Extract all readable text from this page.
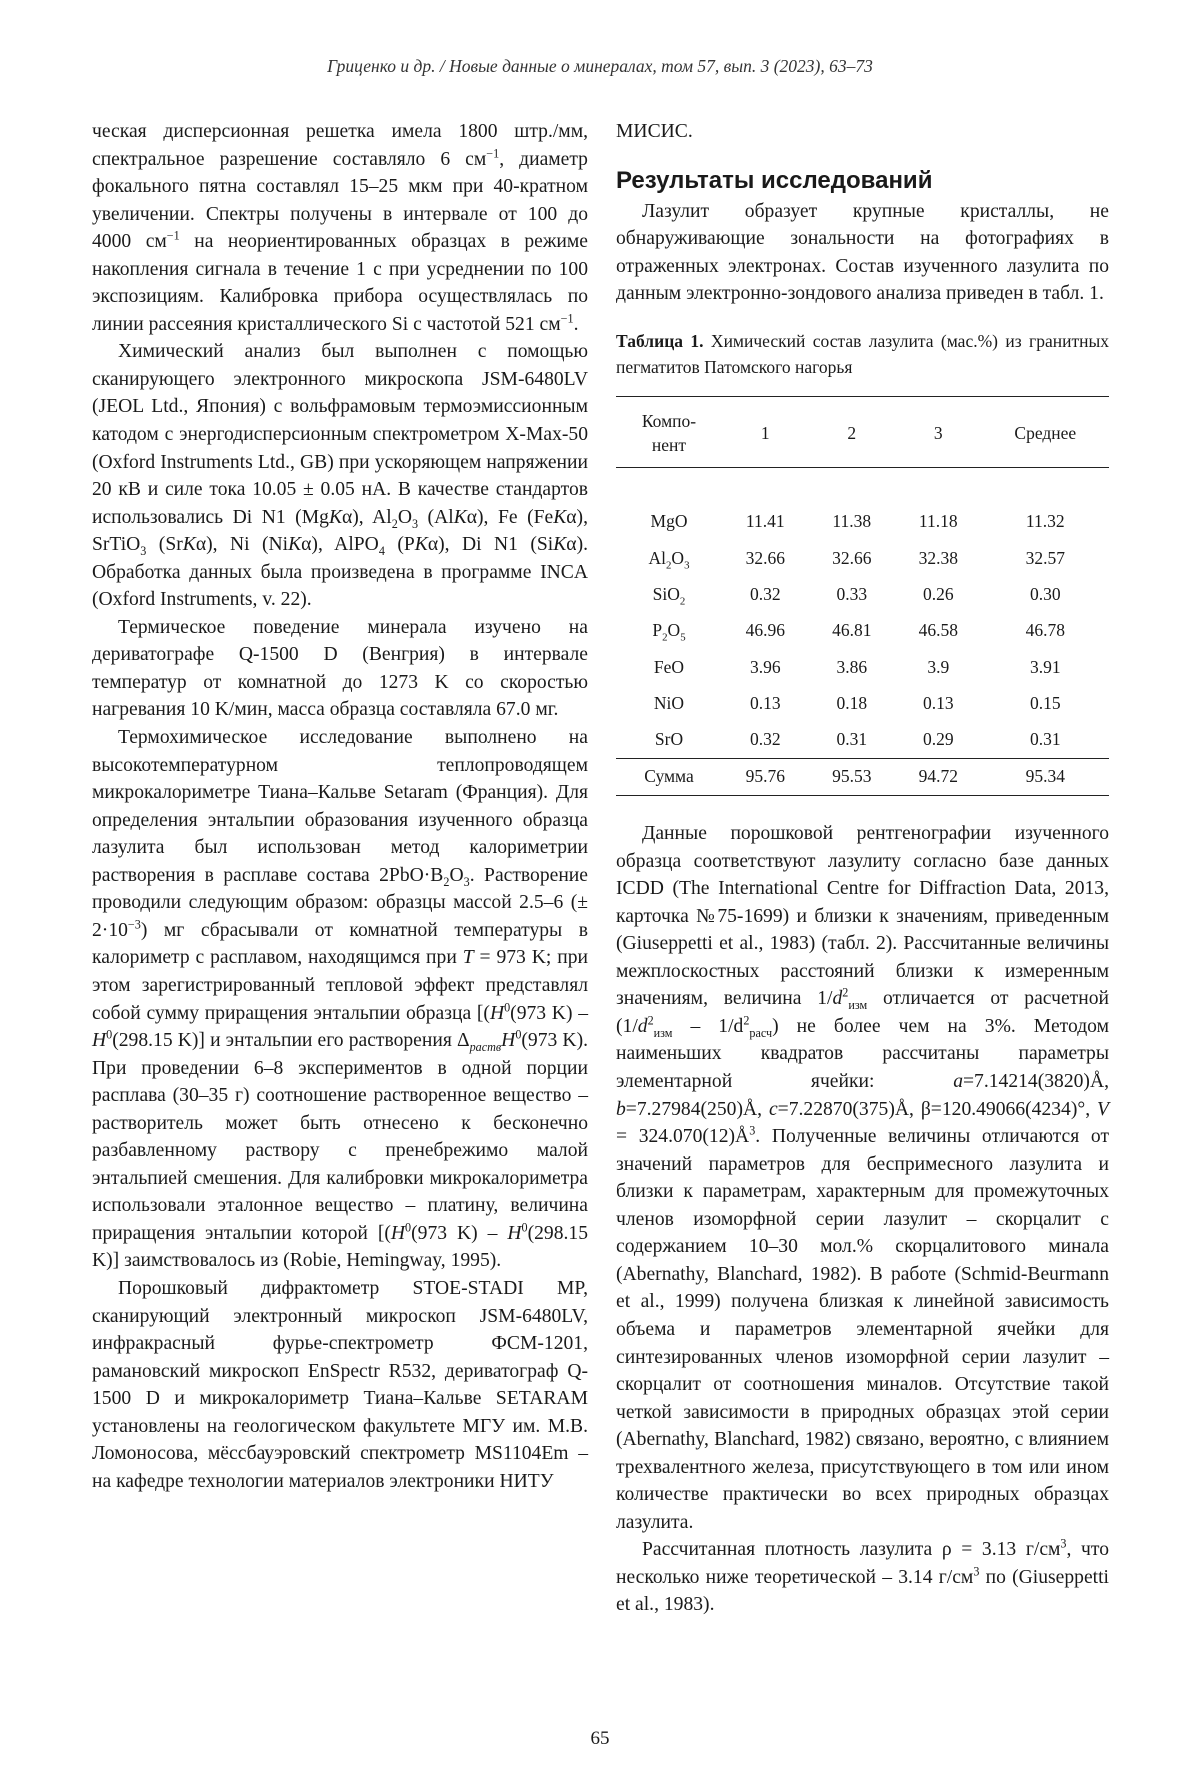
Гриценко и др. / Новые данные о минералах, том 57, вып. 3 (2023), 63–73

ческая дисперсионная решетка имела 1800 штр./мм, спектральное разрешение составляло 6 $см^{-1}$, диаметр фокального пятна составлял 15–25 мкм при 40-кратном увеличении. Спектры получены в интервале от 100 до 4000 $см^{-1}$ на неориентированных образцах в режиме накопления сигнала в течение 1 с при усреднении по 100 экспозициям. Калибровка прибора осуществлялась по линии рассеяния кристаллического Si с частотой 521 $см^{-1}$.

Химический анализ был выполнен с помощью сканирующего электронного микроскопа JSM-6480LV (JEOL Ltd., Япония) с вольфрамовым термоэмиссионным катодом с энергодисперсионным спектрометром X-Max-50 (Oxford Instruments Ltd., GB) при ускоряющем напряжении 20 кВ и силе тока 10.05 ± 0.05 нА. В качестве стандартов использовались Di N1 (MgKα), $Al_2O_3$ (AlKα), Fe (FeKα), SrTiO$_3$ (SrKα), Ni (NiKα), AlPO$_4$ (PKα), Di N1 (SiKα). Обработка данных была произведена в программе INCA (Oxford Instruments, v. 22).

Термическое поведение минерала изучено на дериватографе Q-1500 D (Венгрия) в интервале температур от комнатной до 1273 K со скоростью нагревания 10 K/мин, масса образца составляла 67.0 мг.

Термохимическое исследование выполнено на высокотемпературном теплопроводящем микрокалориметре Тиана–Кальве Setaram (Франция). Для определения энтальпии образования изученного образца лазулита был использован метод калориметрии растворения в расплаве состава $2PbO\cdot B_2O_3$. Растворение проводили следующим образом: образцы массой 2.5–6 (± $2\cdot 10^{-3}$) мг сбрасывали от комнатной температуры в калориметр с расплавом, находящимся при T = 973 K; при этом зарегистрированный тепловой эффект представлял собой сумму приращения энтальпии образца [($H^0(973$ $K) - H^0(298.15$ K)] и энтальпии его растворения $\Delta_{раств}H^0(973$ K). При проведении 6–8 экспериментов в одной порции расплава (30–35 г) соотношение растворенное вещество – растворитель может быть отнесено к бесконечно разбавленному раствору с пренебрежимо малой энтальпией смешения. Для калибровки микрокалориметра использовали эталонное вещество – платину, величина приращения энтальпии которой [($H^0(973$ $K) - H^0(298.15$ K)] заимствовалось из (Robie, Hemingway, 1995).

Порошковый дифрактометр STOE-STADI MP, сканирующий электронный микроскоп JSM-6480LV, инфракрасный фурье-спектрометр ФСМ-1201, рамановский микроскоп EnSpectr R532, дериватограф Q-1500 D и микрокалориметр Тиана–Кальве SETARAM установлены на геологическом факультете МГУ им. М.В. Ломоносова, мёссбауэровский спектрометр MS1104Em – на кафедре технологии материалов электроники НИТУ

МИСИС.

Результаты исследований

Лазулит образует крупные кристаллы, не обнаруживающие зональности на фотографиях в отраженных электронах. Состав изученного лазулита по данным электронно-зондового анализа приведен в табл. 1.

Таблица 1. Химический состав лазулита (мас.%) из гранитных пегматитов Патомского нагорья
Компо-
нент	1	2	3	Среднее

MgO	11.41	11.38	11.18	11.32
$Al_2O_3$	32.66	32.66	32.38	32.57
SiO$_2$	0.32	0.33	0.26	0.30
$P_2O_5$	46.96	46.81	46.58	46.78
FeO	3.96	3.86	3.9	3.91
NiO	0.13	0.18	0.13	0.15
SrO	0.32	0.31	0.29	0.31
Сумма	95.76	95.53	94.72	95.34

Данные порошковой рентгенографии изученного образца соответствуют лазулиту согласно базе данных ICDD (The International Centre for Diffraction Data, 2013, карточка №75-1699) и близки к значениям, приведенным (Giuseppetti et al., 1983) (табл. 2). Рассчитанные величины межплоскостных расстояний близки к измеренным значениям, величина $1/d^2_{изм}$ отличается от расчетной $(1/d^2_{изм} - 1/d^2_{расч})$ не более чем на 3%. Методом наименьших квадратов рассчитаны параметры элементарной ячейки: a=7.14214(3820)Å, b=7.27984(250)Å, c=7.22870(375)Å, β=120.49066(4234)°, $V = 324.070(12)Å^3$. Полученные величины отличаются от значений параметров для беспримесного лазулита и близки к параметрам, характерным для промежуточных членов изоморфной серии лазулит – скорцалит с содержанием 10–30 мол.% скорцалитового минала (Abernathy, Blanchard, 1982). В работе (Schmid-Beurmann et al., 1999) получена близкая к линейной зависимость объема и параметров элементарной ячейки для синтезированных членов изоморфной серии лазулит – скорцалит от соотношения миналов. Отсутствие такой четкой зависимости в природных образцах этой серии (Abernathy, Blanchard, 1982) связано, вероятно, с влиянием трехвалентного железа, присутствующего в том или ином количестве практически во всех природных образцах лазулита.

Рассчитанная плотность лазулита ρ = 3.13 $г/см^3$, что несколько ниже теоретической – 3.14 $г/см^3$ по (Giuseppetti et al., 1983).

65
